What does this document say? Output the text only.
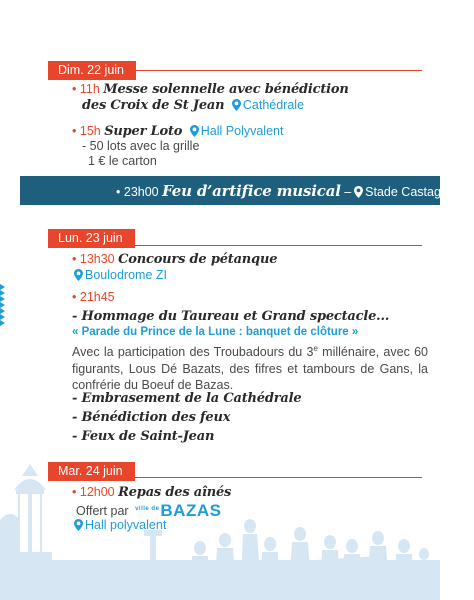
Dim. 22 juin
• 11h Messe solennelle avec bénédiction
des Croix de St Jean Cathédrale
• 15h Super Loto Hall Polyvalent
- 50 lots avec la grille
1 € le carton
• 23h00 Feu d’artifice musical – Stade Castagnolles
Lun. 23 juin
• 13h30 Concours de pétanque
Boulodrome ZI
• 21h45
- Hommage du Taureau et Grand spectacle...
« Parade du Prince de la Lune : banquet de clôture »
Avec la participation des Troubadours du 3e millénaire, avec 60 figurants, Lous Dé Bazats, des fifres et tambours de Gans, la confrérie du Boeuf de Bazas.
- Embrasement de la Cathédrale
- Bénédiction des feux
- Feux de Saint-Jean
Mar. 24 juin
• 12h00 Repas des aînés
Offert par $^{ville de}$BAZAS
Hall polyvalent
